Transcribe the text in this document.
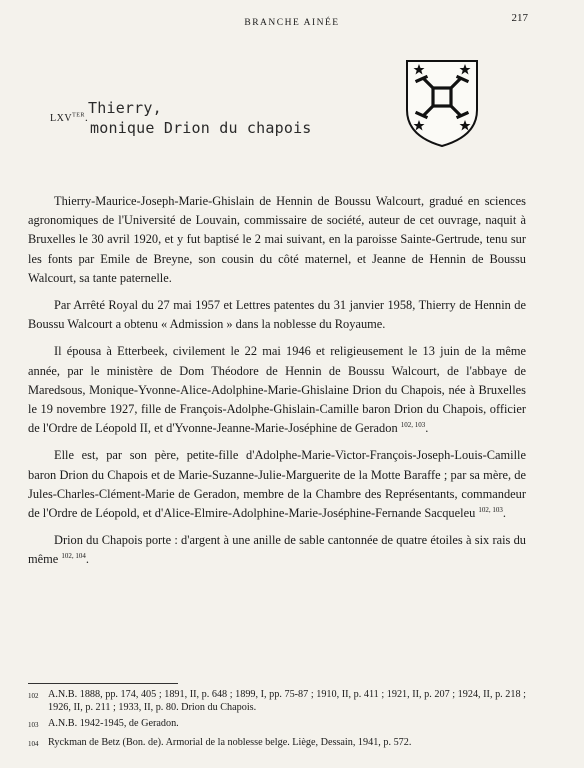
BRANCHE AINÉE	217
$LXV^{TER}$. Thierry,
monique Drion du chapois

Thierry-Maurice-Joseph-Marie-Ghislain de Hennin de Boussu Walcourt, gradué en sciences agronomiques de l'Université de Louvain, commissaire de société, auteur de cet ouvrage, naquit à Bruxelles le 30 avril 1920, et y fut baptisé le 2 mai suivant, en la paroisse Sainte-Gertrude, tenu sur les fonts par Emile de Breyne, son cousin du côté maternel, et Jeanne de Hennin de Boussu Walcourt, sa tante paternelle.

Par Arrêté Royal du 27 mai 1957 et Lettres patentes du 31 janvier 1958, Thierry de Hennin de Boussu Walcourt a obtenu « Admission » dans la noblesse du Royaume.

Il épousa à Etterbeek, civilement le 22 mai 1946 et religieusement le 13 juin de la même année, par le ministère de Dom Théodore de Hennin de Boussu Walcourt, de l'abbaye de Maredsous, Monique-Yvonne-Alice-Adolphine-Marie-Ghislaine Drion du Chapois, née à Bruxelles le 19 novembre 1927, fille de François-Adolphe-Ghislain-Camille baron Drion du Chapois, officier de l'Ordre de Léopold II, et d'Yvonne-Jeanne-Marie-Joséphine de Geradon $^{102, 103}$.

Elle est, par son père, petite-fille d'Adolphe-Marie-Victor-François-Joseph-Louis-Camille baron Drion du Chapois et de Marie-Suzanne-Julie-Marguerite de la Motte Baraffe ; par sa mère, de Jules-Charles-Clément-Marie de Geradon, membre de la Chambre des Représentants, commandeur de l'Ordre de Léopold, et d'Alice-Elmire-Adolphine-Marie-Joséphine-Fernande Sacqueleu $^{102, 103}$.

Drion du Chapois porte : d'argent à une anille de sable cantonnée de quatre étoiles à six rais du même $^{102, 104}$.

102 A.N.B. 1888, pp. 174, 405 ; 1891, II, p. 648 ; 1899, I, pp. 75-87 ; 1910, II, p. 411 ; 1921, II, p. 207 ; 1924, II, p. 218 ; 1926, II, p. 211 ; 1933, II, p. 80. Drion du Chapois.
103 A.N.B. 1942-1945, de Geradon.
104 Ryckman de Betz (Bon. de). Armorial de la noblesse belge. Liège, Dessain, 1941, p. 572.
